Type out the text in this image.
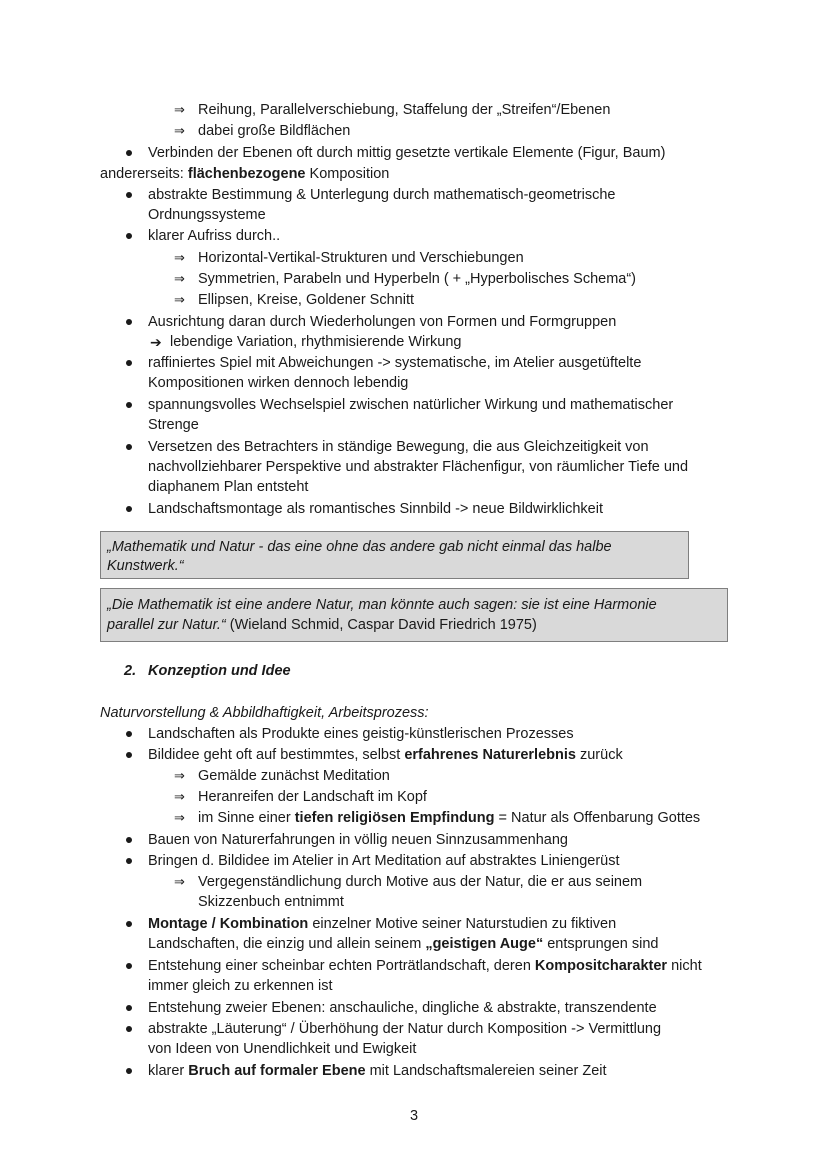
⇒ Reihung, Parallelverschiebung, Staffelung der „Streifen“/Ebenen
⇒ dabei große Bildflächen
Verbinden der Ebenen oft durch mittig gesetzte vertikale Elemente (Figur, Baum)
andererseits: flächenbezogene Komposition
abstrakte Bestimmung & Unterlegung durch mathematisch-geometrische
Ordnungssysteme
klarer Aufriss durch..
⇒ Horizontal-Vertikal-Strukturen und Verschiebungen
⇒ Symmetrien, Parabeln und Hyperbeln ( + „Hyperbolisches Schema“)
⇒ Ellipsen, Kreise, Goldener Schnitt
Ausrichtung daran durch Wiederholungen von Formen und Formgruppen
➔ lebendige Variation, rhythmisierende Wirkung
raffiniertes Spiel mit Abweichungen -> systematische, im Atelier ausgetüftelte
Kompositionen wirken dennoch lebendig
spannungsvolles Wechselspiel zwischen natürlicher Wirkung und mathematischer
Strenge
Versetzen des Betrachters in ständige Bewegung, die aus Gleichzeitigkeit von
nachvollziehbarer Perspektive und abstrakter Flächenfigur, von räumlicher Tiefe und
diaphanem Plan entsteht
Landschaftsmontage als romantisches Sinnbild -> neue Bildwirklichkeit
„Mathematik und Natur - das eine ohne das andere gab nicht einmal das halbe
Kunstwerk.“
„Die Mathematik ist eine andere Natur, man könnte auch sagen: sie ist eine Harmonie
parallel zur Natur.“ (Wieland Schmid, Caspar David Friedrich 1975)
2. Konzeption und Idee
Naturvorstellung & Abbildhaftigkeit, Arbeitsprozess:
Landschaften als Produkte eines geistig-künstlerischen Prozesses
Bildidee geht oft auf bestimmtes, selbst erfahrenes Naturerlebnis zurück
⇒ Gemälde zunächst Meditation
⇒ Heranreifen der Landschaft im Kopf
⇒ im Sinne einer tiefen religiösen Empfindung = Natur als Offenbarung Gottes
Bauen von Naturerfahrungen in völlig neuen Sinnzusammenhang
Bringen d. Bildidee im Atelier in Art Meditation auf abstraktes Liniengerüst
⇒ Vergegenständlichung durch Motive aus der Natur, die er aus seinem
Skizzenbuch entnimmt
Montage / Kombination einzelner Motive seiner Naturstudien zu fiktiven
Landschaften, die einzig und allein seinem „geistigen Auge“ entsprungen sind
Entstehung einer scheinbar echten Porträtlandschaft, deren Kompositcharakter nicht
immer gleich zu erkennen ist
Entstehung zweier Ebenen: anschauliche, dingliche & abstrakte, transzendente
abstrakte „Läuterung“ / Überhöhung der Natur durch Komposition -> Vermittlung
von Ideen von Unendlichkeit und Ewigkeit
klarer Bruch auf formaler Ebene mit Landschaftsmalereien seiner Zeit
3
